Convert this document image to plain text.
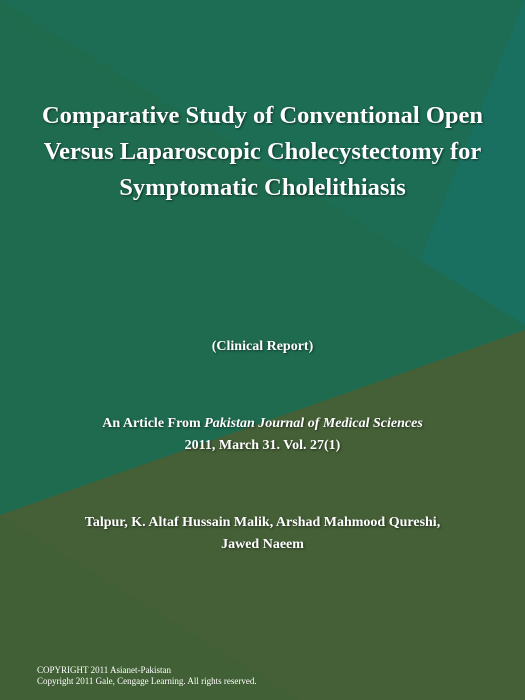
Comparative Study of Conventional Open Versus Laparoscopic Cholecystectomy for Symptomatic Cholelithiasis
(Clinical Report)
An Article From Pakistan Journal of Medical Sciences
2011, March 31. Vol. 27(1)
Talpur, K. Altaf Hussain Malik, Arshad Mahmood Qureshi,
Jawed Naeem
COPYRIGHT 2011 Asianet-Pakistan
Copyright 2011 Gale, Cengage Learning. All rights reserved.
